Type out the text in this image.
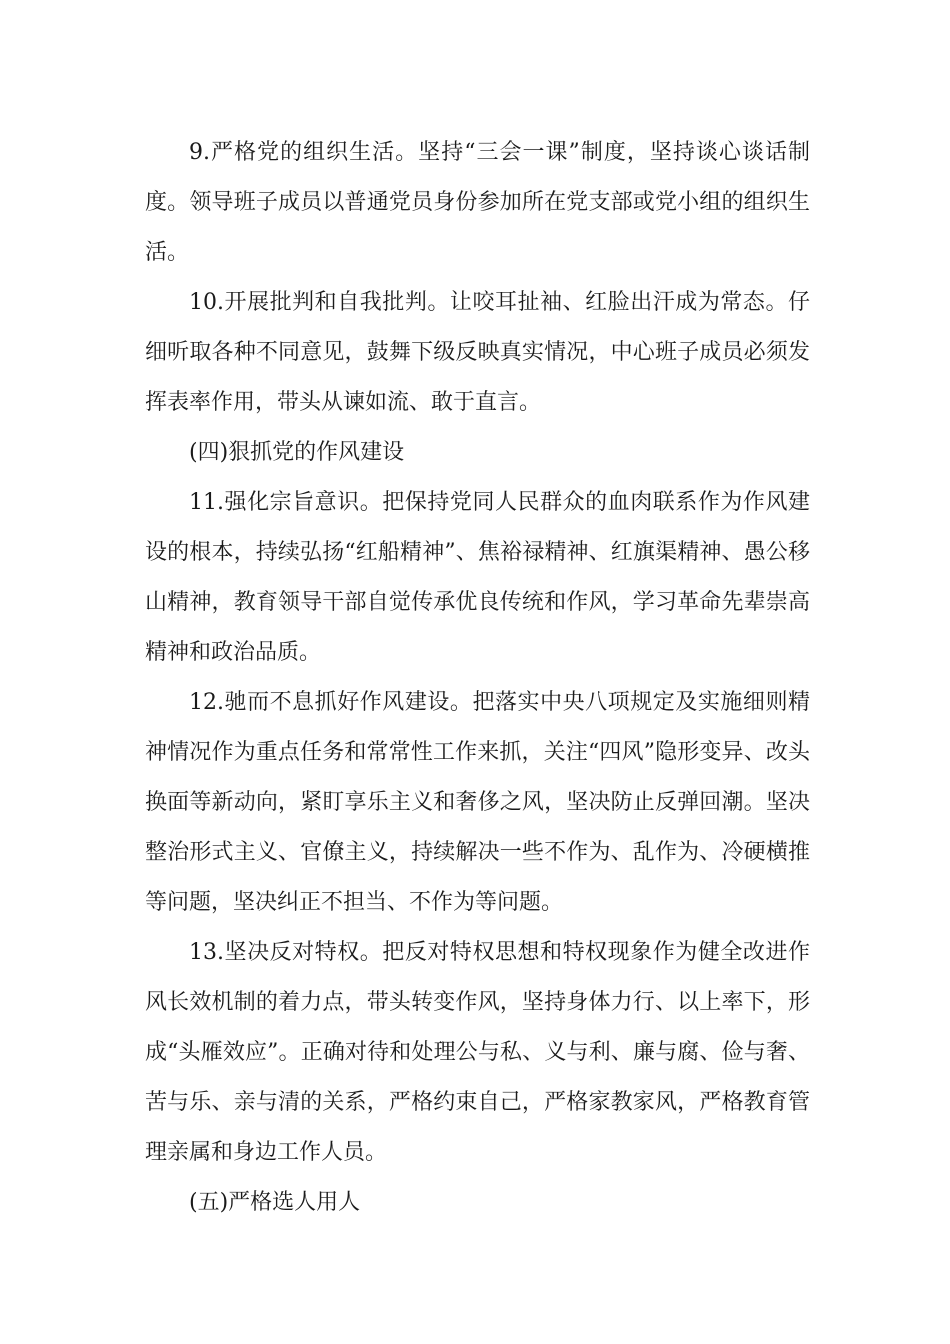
9.严格党的组织生活。坚持“三会一课”制度，坚持谈心谈话制度。领导班子成员以普通党员身份参加所在党支部或党小组的组织生活。

10.开展批判和自我批判。让咬耳扯袖、红脸出汗成为常态。仔细听取各种不同意见，鼓舞下级反映真实情况，中心班子成员必须发挥表率作用，带头从谏如流、敢于直言。

(四)狠抓党的作风建设

11.强化宗旨意识。把保持党同人民群众的血肉联系作为作风建设的根本，持续弘扬“红船精神”、焦裕禄精神、红旗渠精神、愚公移山精神，教育领导干部自觉传承优良传统和作风，学习革命先辈崇高精神和政治品质。

12.驰而不息抓好作风建设。把落实中央八项规定及实施细则精神情况作为重点任务和常常性工作来抓，关注“四风”隐形变异、改头换面等新动向，紧盯享乐主义和奢侈之风，坚决防止反弹回潮。坚决整治形式主义、官僚主义，持续解决一些不作为、乱作为、冷硬横推等问题，坚决纠正不担当、不作为等问题。

13.坚决反对特权。把反对特权思想和特权现象作为健全改进作风长效机制的着力点，带头转变作风，坚持身体力行、以上率下，形成“头雁效应”。正确对待和处理公与私、义与利、廉与腐、俭与奢、苦与乐、亲与清的关系，严格约束自己，严格家教家风，严格教育管理亲属和身边工作人员。

(五)严格选人用人
